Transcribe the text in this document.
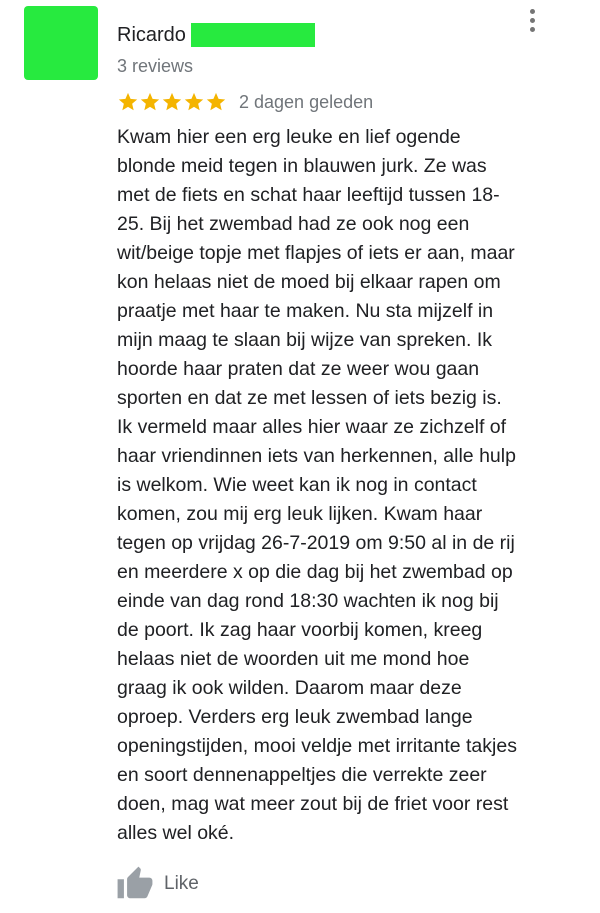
Ricardo
3 reviews
2 dagen geleden

Kwam hier een erg leuke en lief ogende
blonde meid tegen in blauwen jurk. Ze was
met de fiets en schat haar leeftijd tussen 18-
25. Bij het zwembad had ze ook nog een
wit/beige topje met flapjes of iets er aan, maar
kon helaas niet de moed bij elkaar rapen om
praatje met haar te maken. Nu sta mijzelf in
mijn maag te slaan bij wijze van spreken. Ik
hoorde haar praten dat ze weer wou gaan
sporten en dat ze met lessen of iets bezig is.
Ik vermeld maar alles hier waar ze zichzelf of
haar vriendinnen iets van herkennen, alle hulp
is welkom. Wie weet kan ik nog in contact
komen, zou mij erg leuk lijken. Kwam haar
tegen op vrijdag 26-7-2019 om 9:50 al in de rij
en meerdere x op die dag bij het zwembad op
einde van dag rond 18:30 wachten ik nog bij
de poort. Ik zag haar voorbij komen, kreeg
helaas niet de woorden uit me mond hoe
graag ik ook wilden. Daarom maar deze
oproep. Verders erg leuk zwembad lange
openingstijden, mooi veldje met irritante takjes
en soort dennenappeltjes die verrekte zeer
doen, mag wat meer zout bij de friet voor rest
alles wel oké.

Like
